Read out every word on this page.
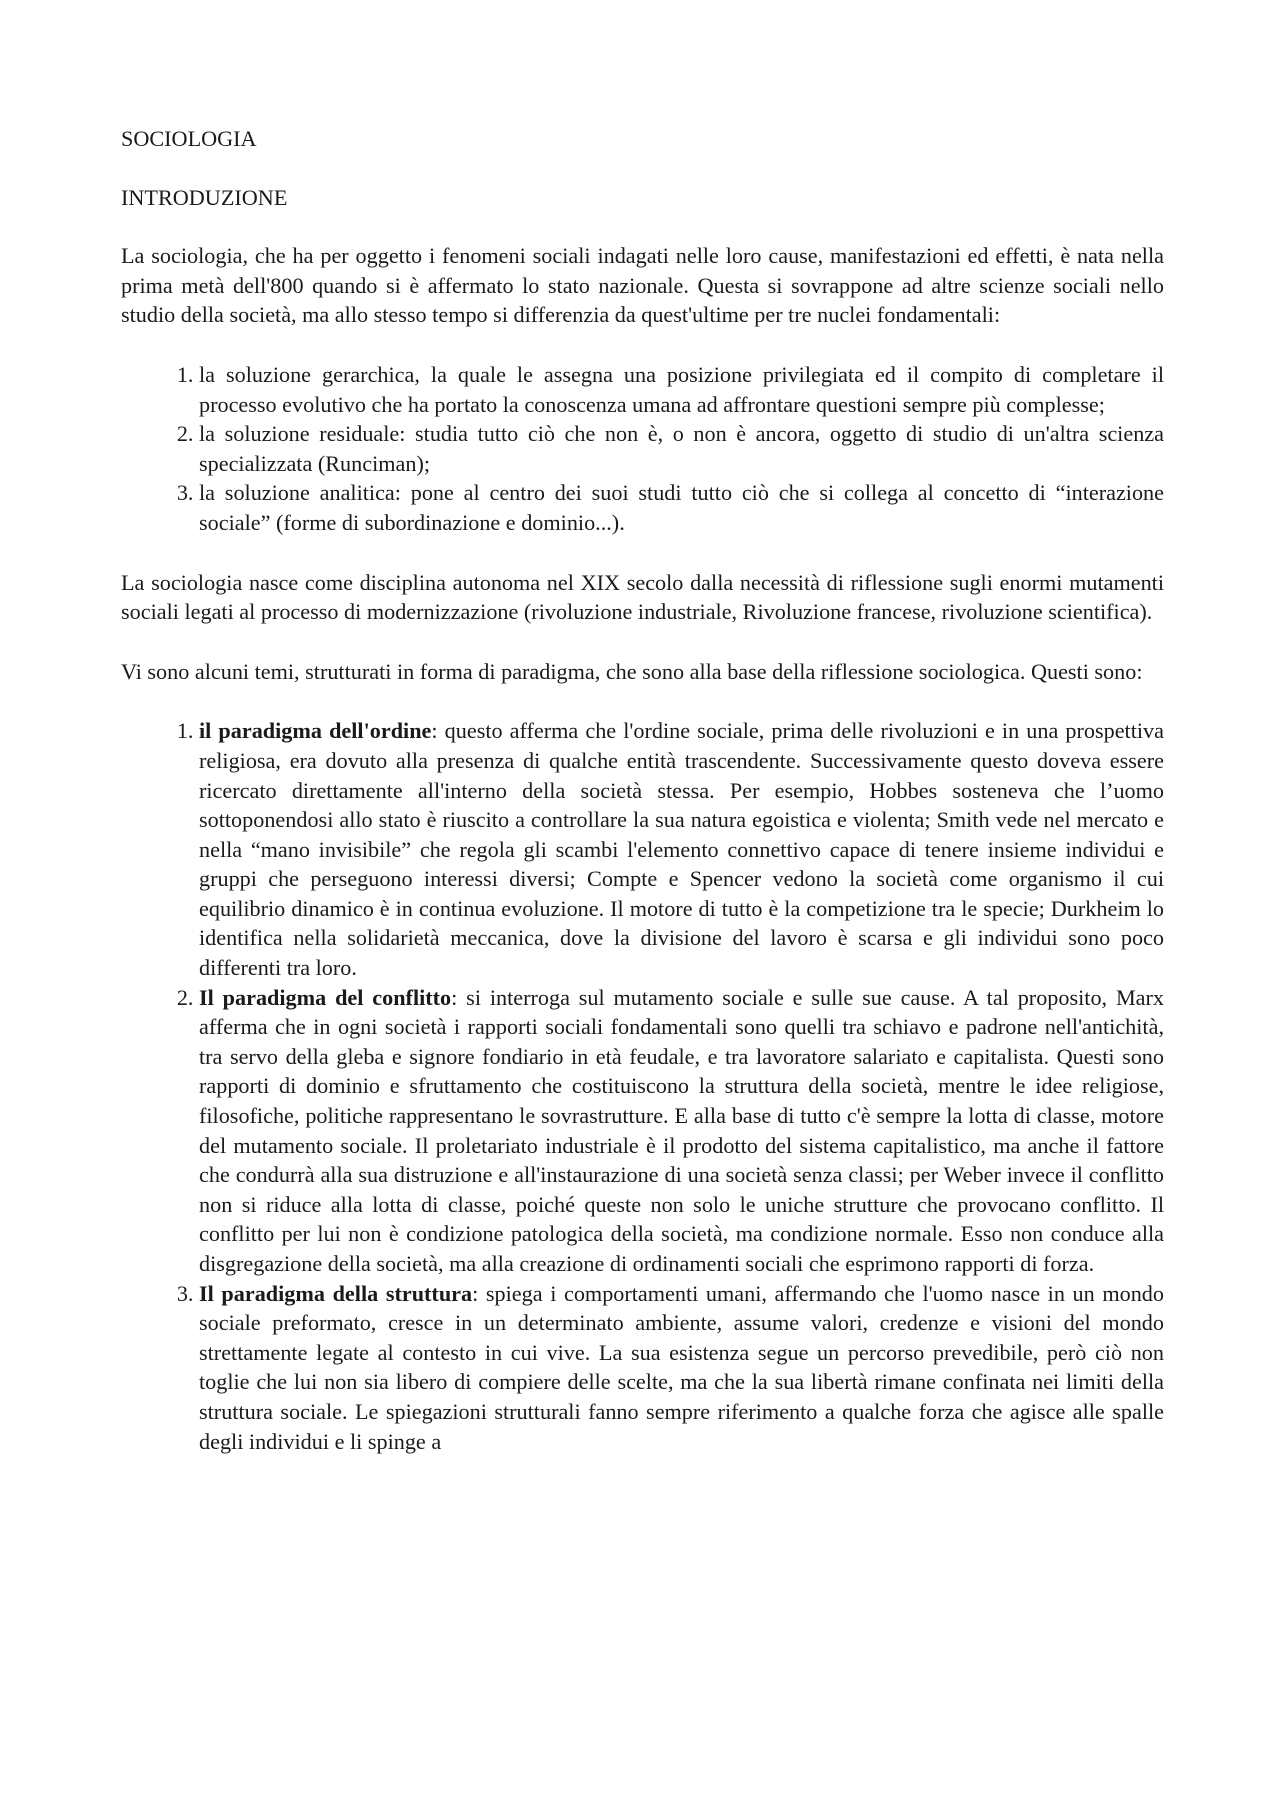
SOCIOLOGIA

INTRODUZIONE

La sociologia, che ha per oggetto i fenomeni sociali indagati nelle loro cause, manifestazioni ed effetti, è nata nella prima metà dell'800 quando si è affermato lo stato nazionale. Questa si sovrappone ad altre scienze sociali nello studio della società, ma allo stesso tempo si differenzia da quest'ultime per tre nuclei fondamentali:

1. la soluzione gerarchica, la quale le assegna una posizione privilegiata ed il compito di completare il processo evolutivo che ha portato la conoscenza umana ad affrontare questioni sempre più complesse;
2. la soluzione residuale: studia tutto ciò che non è, o non è ancora, oggetto di studio di un'altra scienza specializzata (Runciman);
3. la soluzione analitica: pone al centro dei suoi studi tutto ciò che si collega al concetto di “interazione sociale” (forme di subordinazione e dominio...).

La sociologia nasce come disciplina autonoma nel XIX secolo dalla necessità di riflessione sugli enormi mutamenti sociali legati al processo di modernizzazione (rivoluzione industriale, Rivoluzione francese, rivoluzione scientifica).

Vi sono alcuni temi, strutturati in forma di paradigma, che sono alla base della riflessione sociologica. Questi sono:

1. il paradigma dell'ordine: questo afferma che l'ordine sociale, prima delle rivoluzioni e in una prospettiva religiosa, era dovuto alla presenza di qualche entità trascendente. Successivamente questo doveva essere ricercato direttamente all'interno della società stessa. Per esempio, Hobbes sosteneva che l’uomo sottoponendosi allo stato è riuscito a controllare la sua natura egoistica e violenta; Smith vede nel mercato e nella “mano invisibile” che regola gli scambi l'elemento connettivo capace di tenere insieme individui e gruppi che perseguono interessi diversi; Compte e Spencer vedono la società come organismo il cui equilibrio dinamico è in continua evoluzione. Il motore di tutto è la competizione tra le specie; Durkheim lo identifica nella solidarietà meccanica, dove la divisione del lavoro è scarsa e gli individui sono poco differenti tra loro.
2. Il paradigma del conflitto: si interroga sul mutamento sociale e sulle sue cause. A tal proposito, Marx afferma che in ogni società i rapporti sociali fondamentali sono quelli tra schiavo e padrone nell'antichità, tra servo della gleba e signore fondiario in età feudale, e tra lavoratore salariato e capitalista. Questi sono rapporti di dominio e sfruttamento che costituiscono la struttura della società, mentre le idee religiose, filosofiche, politiche rappresentano le sovrastrutture. E alla base di tutto c'è sempre la lotta di classe, motore del mutamento sociale. Il proletariato industriale è il prodotto del sistema capitalistico, ma anche il fattore che condurrà alla sua distruzione e all'instaurazione di una società senza classi; per Weber invece il conflitto non si riduce alla lotta di classe, poiché queste non solo le uniche strutture che provocano conflitto. Il conflitto per lui non è condizione patologica della società, ma condizione normale. Esso non conduce alla disgregazione della società, ma alla creazione di ordinamenti sociali che esprimono rapporti di forza.
3. Il paradigma della struttura: spiega i comportamenti umani, affermando che l'uomo nasce in un mondo sociale preformato, cresce in un determinato ambiente, assume valori, credenze e visioni del mondo strettamente legate al contesto in cui vive. La sua esistenza segue un percorso prevedibile, però ciò non toglie che lui non sia libero di compiere delle scelte, ma che la sua libertà rimane confinata nei limiti della struttura sociale. Le spiegazioni strutturali fanno sempre riferimento a qualche forza che agisce alle spalle degli individui e li spinge a
